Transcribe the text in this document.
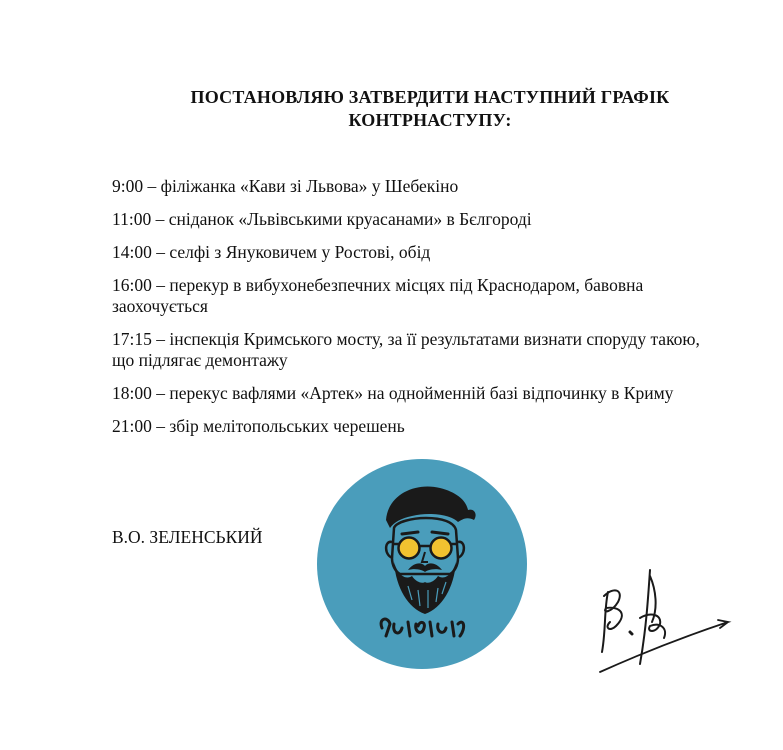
ПОСТАНОВЛЯЮ ЗАТВЕРДИТИ НАСТУПНИЙ ГРАФІК
КОНТРНАСТУПУ:
9:00 – філіжанка «Кави зі Львова» у Шебекіно
11:00 – сніданок «Львівськими круасанами» в Бєлгороді
14:00 – селфі з Януковичем у Ростові, обід
16:00 – перекур в вибухонебезпечних місцях під Краснодаром, бавовна заохочується
17:15 – інспекція Кримського мосту, за її результатами визнати споруду такою, що підлягає демонтажу
18:00 – перекус вафлями «Артек» на однойменній базі відпочинку в Криму
21:00 – збір мелітопольських черешень
В.О. ЗЕЛЕНСЬКИЙ
